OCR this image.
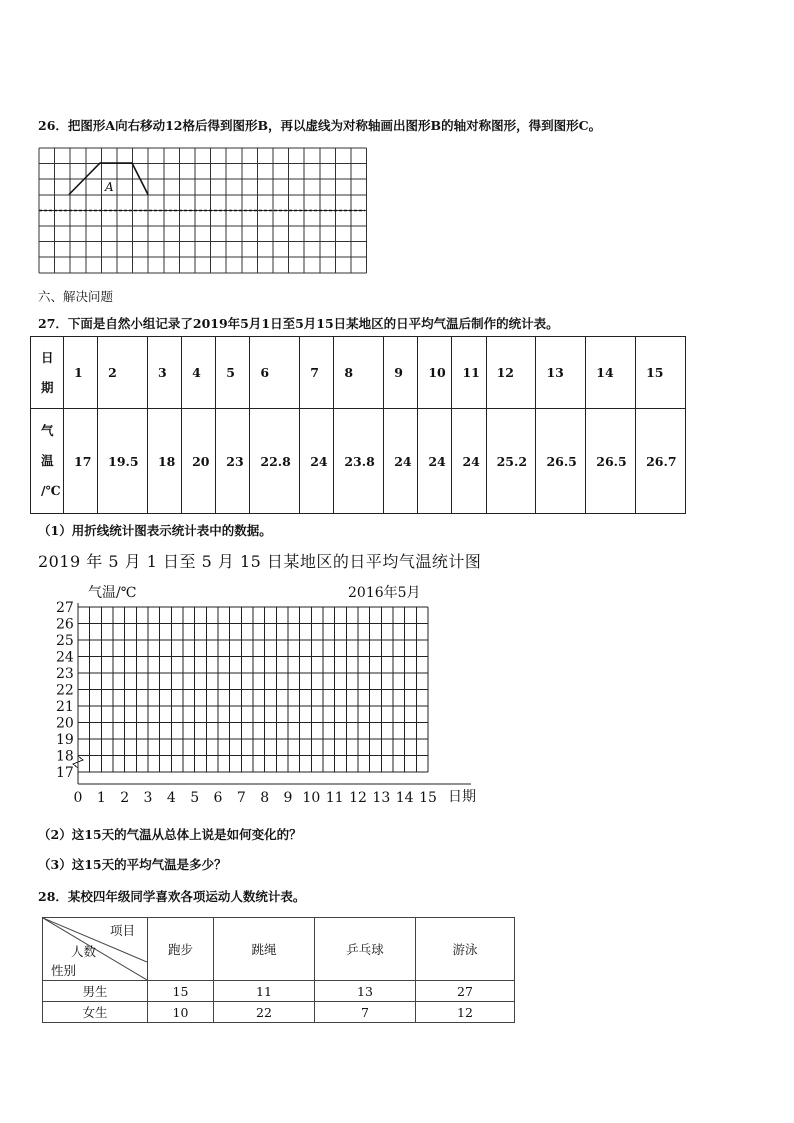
26．把图形A向右移动12格后得到图形B，再以虚线为对称轴画出图形B的轴对称图形，得到图形C。
A
六、解决问题
27．下面是自然小组记录了2019年5月1日至5月15日某地区的日平均气温后制作的统计表。
日
期	1	2	3	4	5	6	7	8	9	10	11	12	13	14	15

气
温
/℃	17	19.5	18	20	23	22.8	24	23.8	24	24	24	25.2	26.5	26.5	26.7
（1）用折线统计图表示统计表中的数据。
2019 年 5 月 1 日至 5 月 15 日某地区的日平均气温统计图
17
18
19
20
21
22
23
24
25
26
27
0 1 2 3 4 5 6 7 8 9 10 11 12 13 14 15
气温/℃	2016年5月
日期
（2）这15天的气温从总体上说是如何变化的？
（3）这15天的平均气温是多少？
28．某校四年级同学喜欢各项运动人数统计表。
项目
人数
性别	跑步	跳绳	乒乓球	游泳
男生	15	11	13	27
女生	10	22	7	12
